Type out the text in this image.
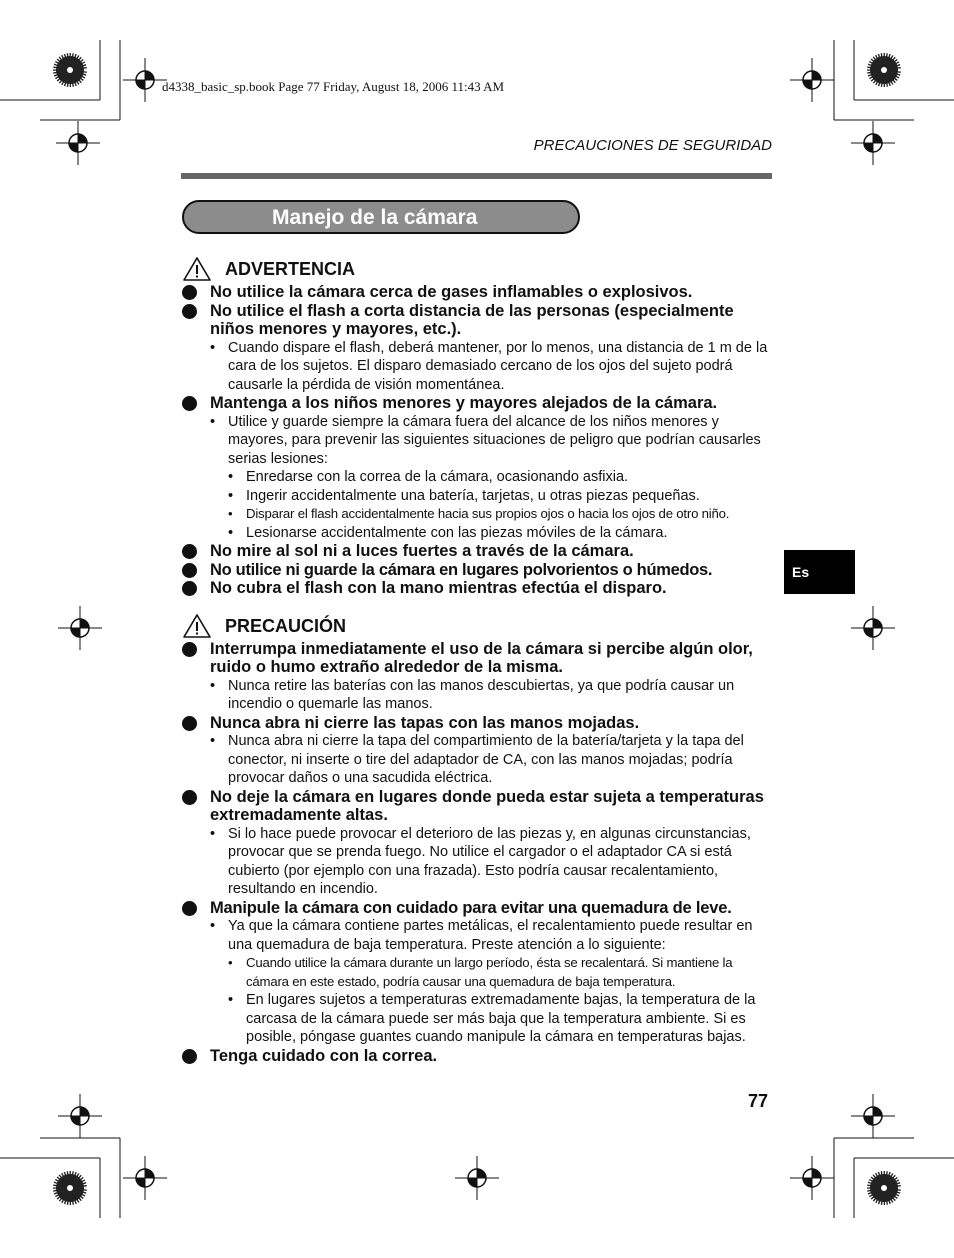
d4338_basic_sp.book Page 77 Friday, August 18, 2006 11:43 AM
PRECAUCIONES DE SEGURIDAD
Manejo de la cámara
Es
ADVERTENCIA
No utilice la cámara cerca de gases inflamables o explosivos.
No utilice el flash a corta distancia de las personas (especialmente niños menores y mayores, etc.).
• Cuando dispare el flash, deberá mantener, por lo menos, una distancia de 1 m de la cara de los sujetos. El disparo demasiado cercano de los ojos del sujeto podrá causarle la pérdida de visión momentánea.
Mantenga a los niños menores y mayores alejados de la cámara.
• Utilice y guarde siempre la cámara fuera del alcance de los niños menores y mayores, para prevenir las siguientes situaciones de peligro que podrían causarles serias lesiones:
• Enredarse con la correa de la cámara, ocasionando asfixia.
• Ingerir accidentalmente una batería, tarjetas, u otras piezas pequeñas.
• Disparar el flash accidentalmente hacia sus propios ojos o hacia los ojos de otro niño.
• Lesionarse accidentalmente con las piezas móviles de la cámara.
No mire al sol ni a luces fuertes a través de la cámara.
No utilice ni guarde la cámara en lugares polvorientos o húmedos.
No cubra el flash con la mano mientras efectúa el disparo.
PRECAUCIÓN
Interrumpa inmediatamente el uso de la cámara si percibe algún olor, ruido o humo extraño alrededor de la misma.
• Nunca retire las baterías con las manos descubiertas, ya que podría causar un incendio o quemarle las manos.
Nunca abra ni cierre las tapas con las manos mojadas.
• Nunca abra ni cierre la tapa del compartimiento de la batería/tarjeta y la tapa del conector, ni inserte o tire del adaptador de CA, con las manos mojadas; podría provocar daños o una sacudida eléctrica.
No deje la cámara en lugares donde pueda estar sujeta a temperaturas extremadamente altas.
• Si lo hace puede provocar el deterioro de las piezas y, en algunas circunstancias, provocar que se prenda fuego. No utilice el cargador o el adaptador CA si está cubierto (por ejemplo con una frazada). Esto podría causar recalentamiento, resultando en incendio.
Manipule la cámara con cuidado para evitar una quemadura de leve.
• Ya que la cámara contiene partes metálicas, el recalentamiento puede resultar en una quemadura de baja temperatura. Preste atención a lo siguiente:
• Cuando utilice la cámara durante un largo período, ésta se recalentará. Si mantiene la cámara en este estado, podría causar una quemadura de baja temperatura.
• En lugares sujetos a temperaturas extremadamente bajas, la temperatura de la carcasa de la cámara puede ser más baja que la temperatura ambiente. Si es posible, póngase guantes cuando manipule la cámara en temperaturas bajas.
Tenga cuidado con la correa.
77
